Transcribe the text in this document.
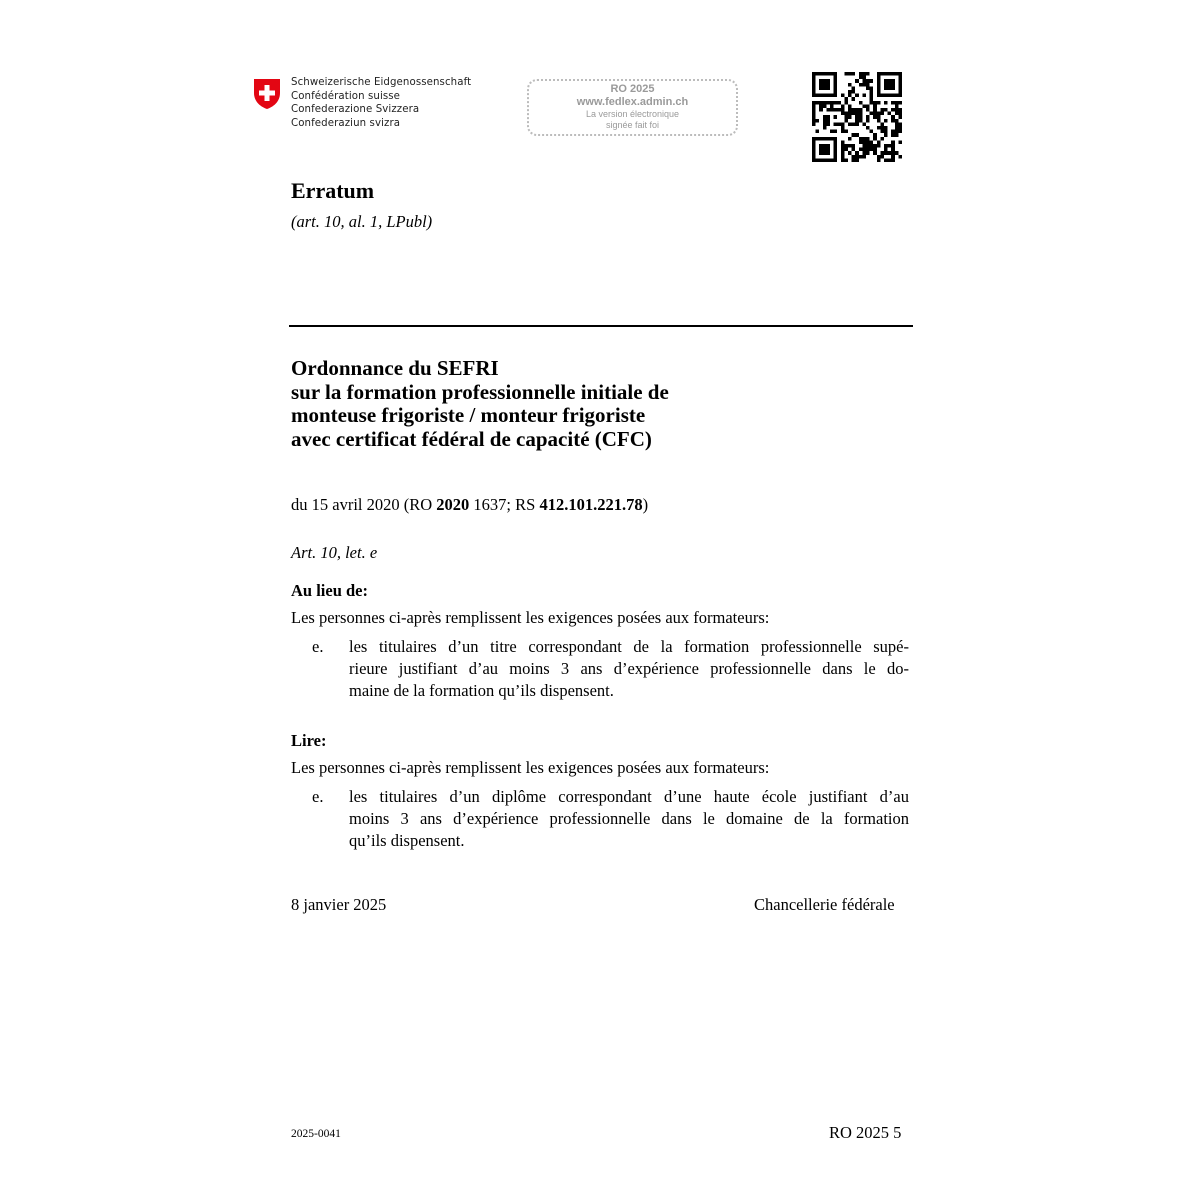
Schweizerische Eidgenossenschaft
Confédération suisse
Confederazione Svizzera
Confederaziun svizra
RO 2025
www.fedlex.admin.ch
La version électronique
signée fait foi
Erratum
(art. 10, al. 1, LPubl)
Ordonnance du SEFRI
sur la formation professionnelle initiale de
monteuse frigoriste / monteur frigoriste
avec certificat fédéral de capacité (CFC)
du 15 avril 2020 (RO 2020 1637; RS 412.101.221.78)
Art. 10, let. e
Au lieu de:
Les personnes ci-après remplissent les exigences posées aux formateurs:
e. les titulaires d’un titre correspondant de la formation professionnelle supé-
rieure justifiant d’au moins 3 ans d’expérience professionnelle dans le do-
maine de la formation qu’ils dispensent.
Lire:
Les personnes ci-après remplissent les exigences posées aux formateurs:
e. les titulaires d’un diplôme correspondant d’une haute école justifiant d’au
moins 3 ans d’expérience professionnelle dans le domaine de la formation
qu’ils dispensent.
8 janvier 2025	Chancellerie fédérale
2025-0041	RO 2025 5
